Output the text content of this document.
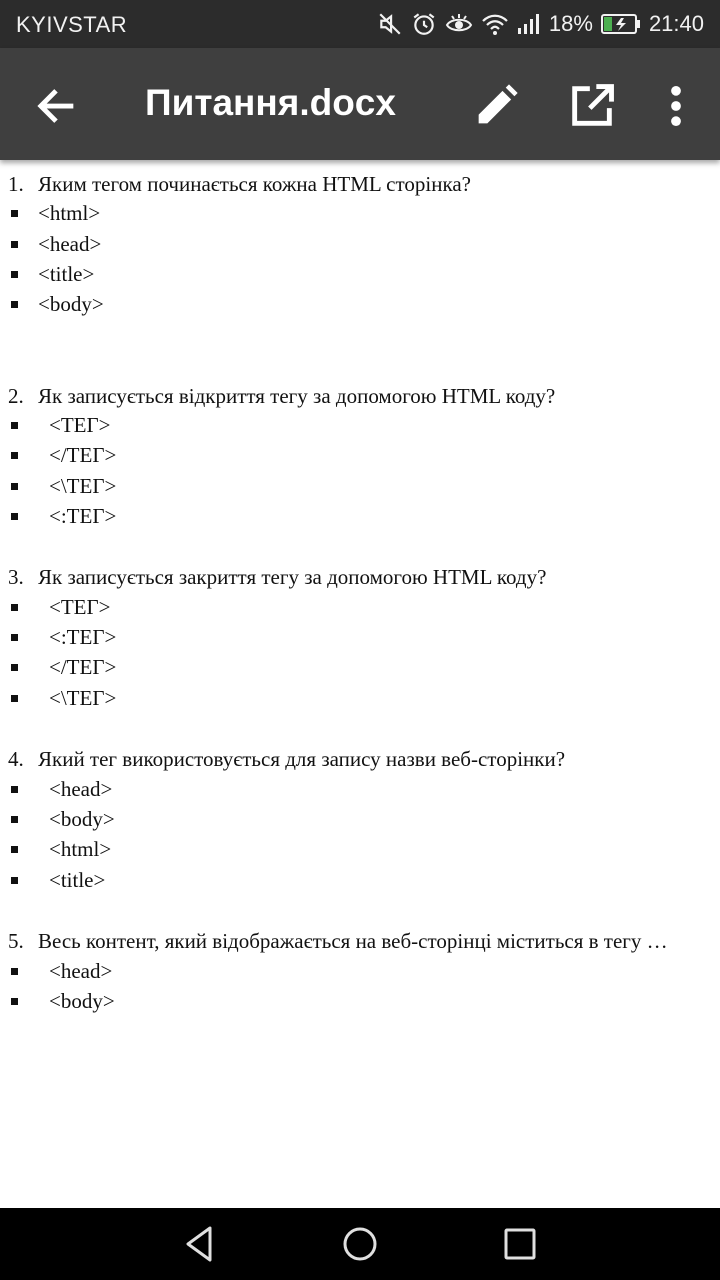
KYIVSTAR	18%	21:40
Питання.docx
1. Яким тегом починається кожна HTML сторінка?
<html>
<head>
<title>
<body>
2. Як записується відкриття тегу за допомогою HTML коду?
<ТЕГ>
</ТЕГ>
<\ТЕГ>
<:ТЕГ>
3. Як записується закриття тегу за допомогою HTML коду?
<ТЕГ>
<:ТЕГ>
</ТЕГ>
<\ТЕГ>
4. Який тег використовується для запису назви веб-сторінки?
<head>
<body>
<html>
<title>
5. Весь контент, який відображається на веб-сторінці міститься в тегу …
<head>
<body>
